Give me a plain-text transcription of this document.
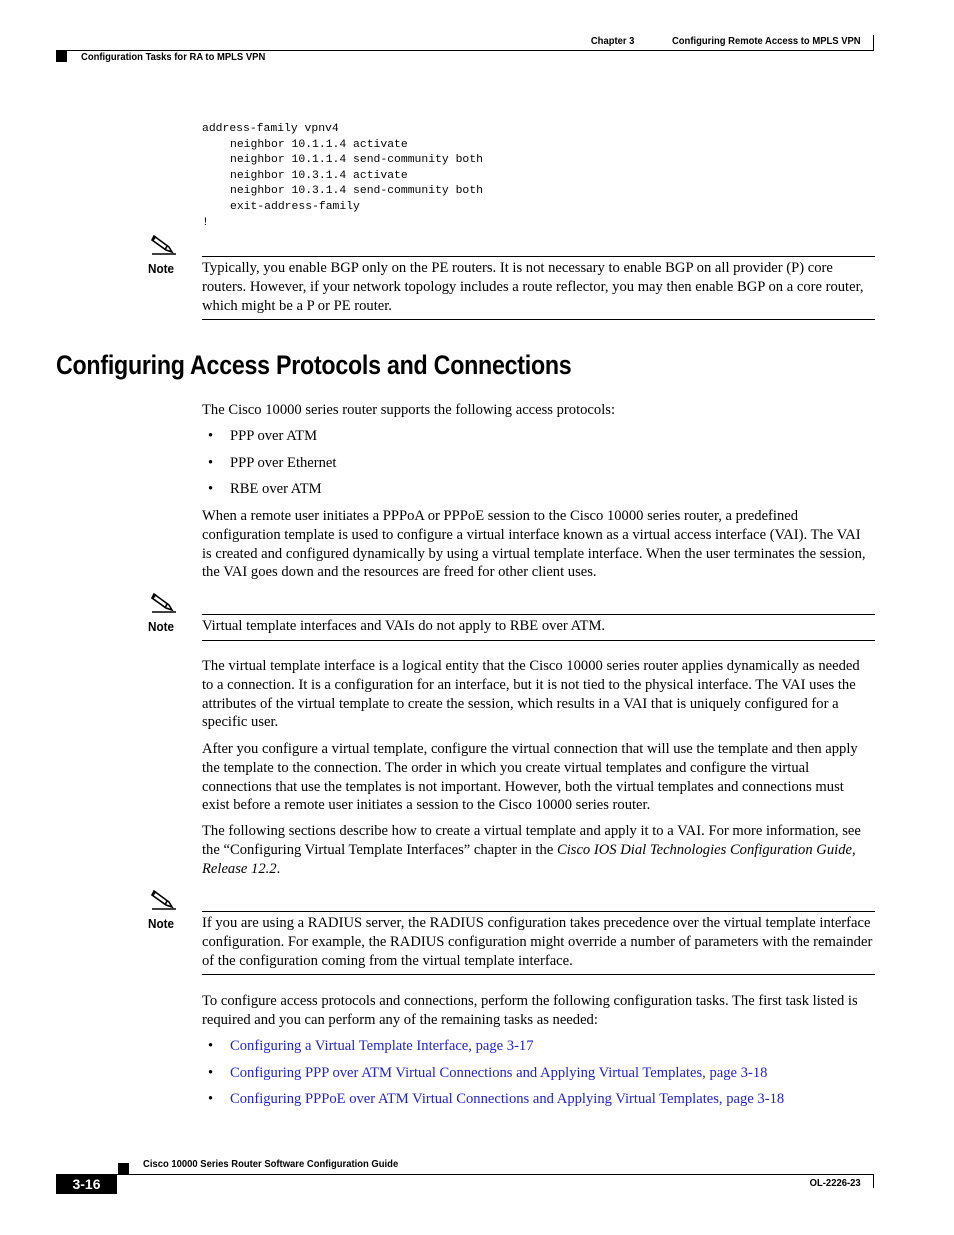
Chapter 3	Configuring Remote Access to MPLS VPN
Configuration Tasks for RA to MPLS VPN
address-family vpnv4
neighbor 10.1.1.4 activate
neighbor 10.1.1.4 send-community both
neighbor 10.3.1.4 activate
neighbor 10.3.1.4 send-community both
exit-address-family
!
Note Typically, you enable BGP only on the PE routers. It is not necessary to enable BGP on all provider (P) core routers. However, if your network topology includes a route reflector, you may then enable BGP on a core router, which might be a P or PE router.

Configuring Access Protocols and Connections

The Cisco 10000 series router supports the following access protocols:

• PPP over ATM
• PPP over Ethernet
• RBE over ATM

When a remote user initiates a PPPoA or PPPoE session to the Cisco 10000 series router, a predefined configuration template is used to configure a virtual interface known as a virtual access interface (VAI). The VAI is created and configured dynamically by using a virtual template interface. When the user terminates the session, the VAI goes down and the resources are freed for other client uses.

Note Virtual template interfaces and VAIs do not apply to RBE over ATM.

The virtual template interface is a logical entity that the Cisco 10000 series router applies dynamically as needed to a connection. It is a configuration for an interface, but it is not tied to the physical interface. The VAI uses the attributes of the virtual template to create the session, which results in a VAI that is uniquely configured for a specific user.

After you configure a virtual template, configure the virtual connection that will use the template and then apply the template to the connection. The order in which you create virtual templates and configure the virtual connections that use the templates is not important. However, both the virtual templates and connections must exist before a remote user initiates a session to the Cisco 10000 series router.

The following sections describe how to create a virtual template and apply it to a VAI. For more information, see the “Configuring Virtual Template Interfaces” chapter in the Cisco IOS Dial Technologies Configuration Guide, Release 12.2.

Note If you are using a RADIUS server, the RADIUS configuration takes precedence over the virtual template interface configuration. For example, the RADIUS configuration might override a number of parameters with the remainder of the configuration coming from the virtual template interface.

To configure access protocols and connections, perform the following configuration tasks. The first task listed is required and you can perform any of the remaining tasks as needed:

• Configuring a Virtual Template Interface, page 3-17
• Configuring PPP over ATM Virtual Connections and Applying Virtual Templates, page 3-18
• Configuring PPPoE over ATM Virtual Connections and Applying Virtual Templates, page 3-18
Cisco 10000 Series Router Software Configuration Guide
3-16	OL-2226-23
